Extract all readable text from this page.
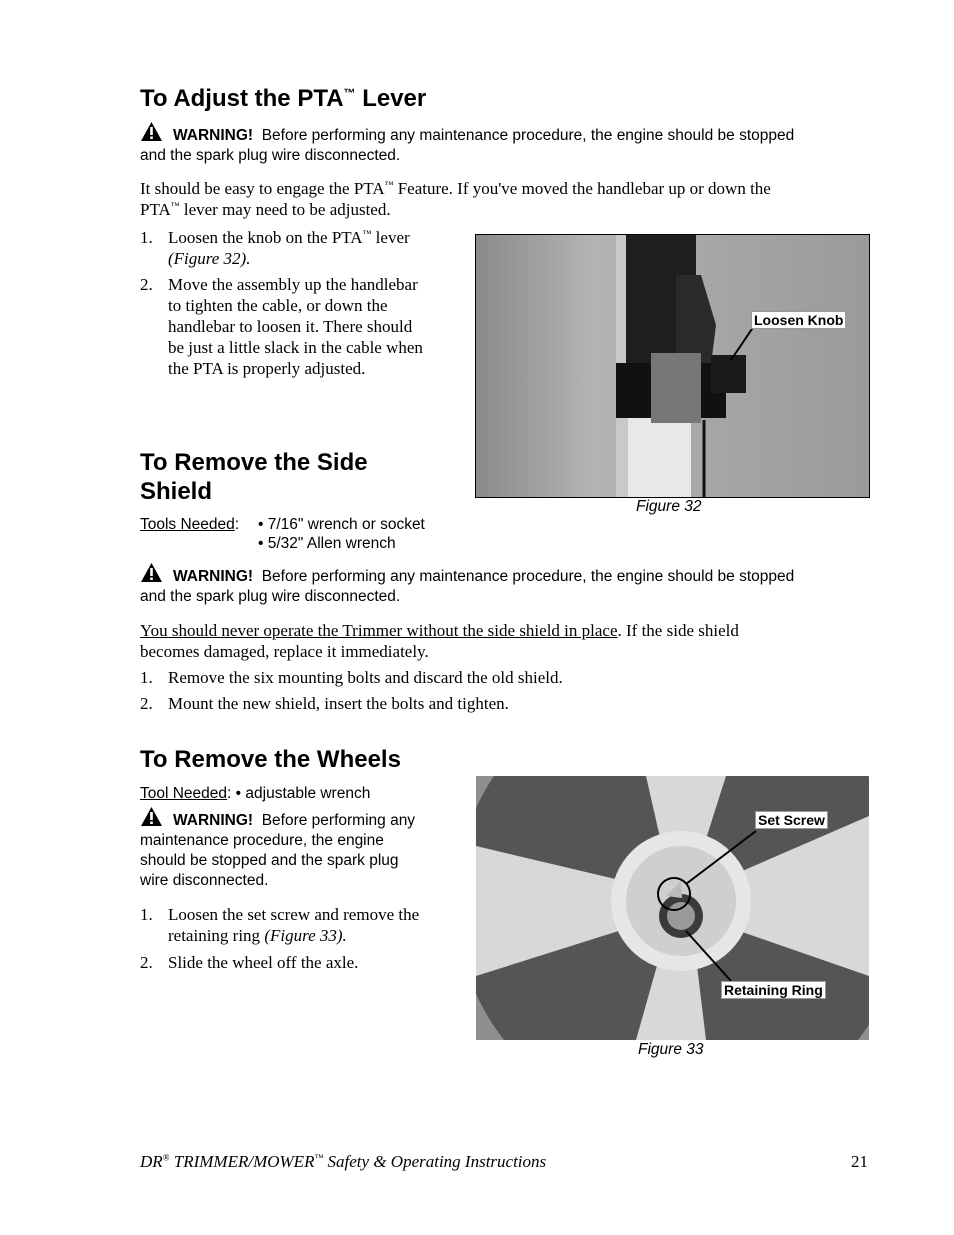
To Adjust the PTA™ Lever
WARNING! Before performing any maintenance procedure, the engine should be stopped
and the spark plug wire disconnected.
It should be easy to engage the PTA™ Feature. If you've moved the handlebar up or down the
PTA™ lever may need to be adjusted.
1. Loosen the knob on the PTA™ lever
(Figure 32).
2. Move the assembly up the handlebar
to tighten the cable, or down the
handlebar to loosen it. There should
be just a little slack in the cable when
the PTA is properly adjusted.
Loosen Knob
Figure 32
To Remove the Side
Shield
Tools Needed: • 7/16" wrench or socket
• 5/32" Allen wrench
WARNING! Before performing any maintenance procedure, the engine should be stopped
and the spark plug wire disconnected.
You should never operate the Trimmer without the side shield in place. If the side shield
becomes damaged, replace it immediately.
1. Remove the six mounting bolts and discard the old shield.
2. Mount the new shield, insert the bolts and tighten.
To Remove the Wheels
Tool Needed: • adjustable wrench
WARNING! Before performing any
maintenance procedure, the engine
should be stopped and the spark plug
wire disconnected.
1. Loosen the set screw and remove the
retaining ring (Figure 33).
2. Slide the wheel off the axle.
Set Screw
Retaining Ring
Figure 33
DR® TRIMMER/MOWER™ Safety & Operating Instructions	21
